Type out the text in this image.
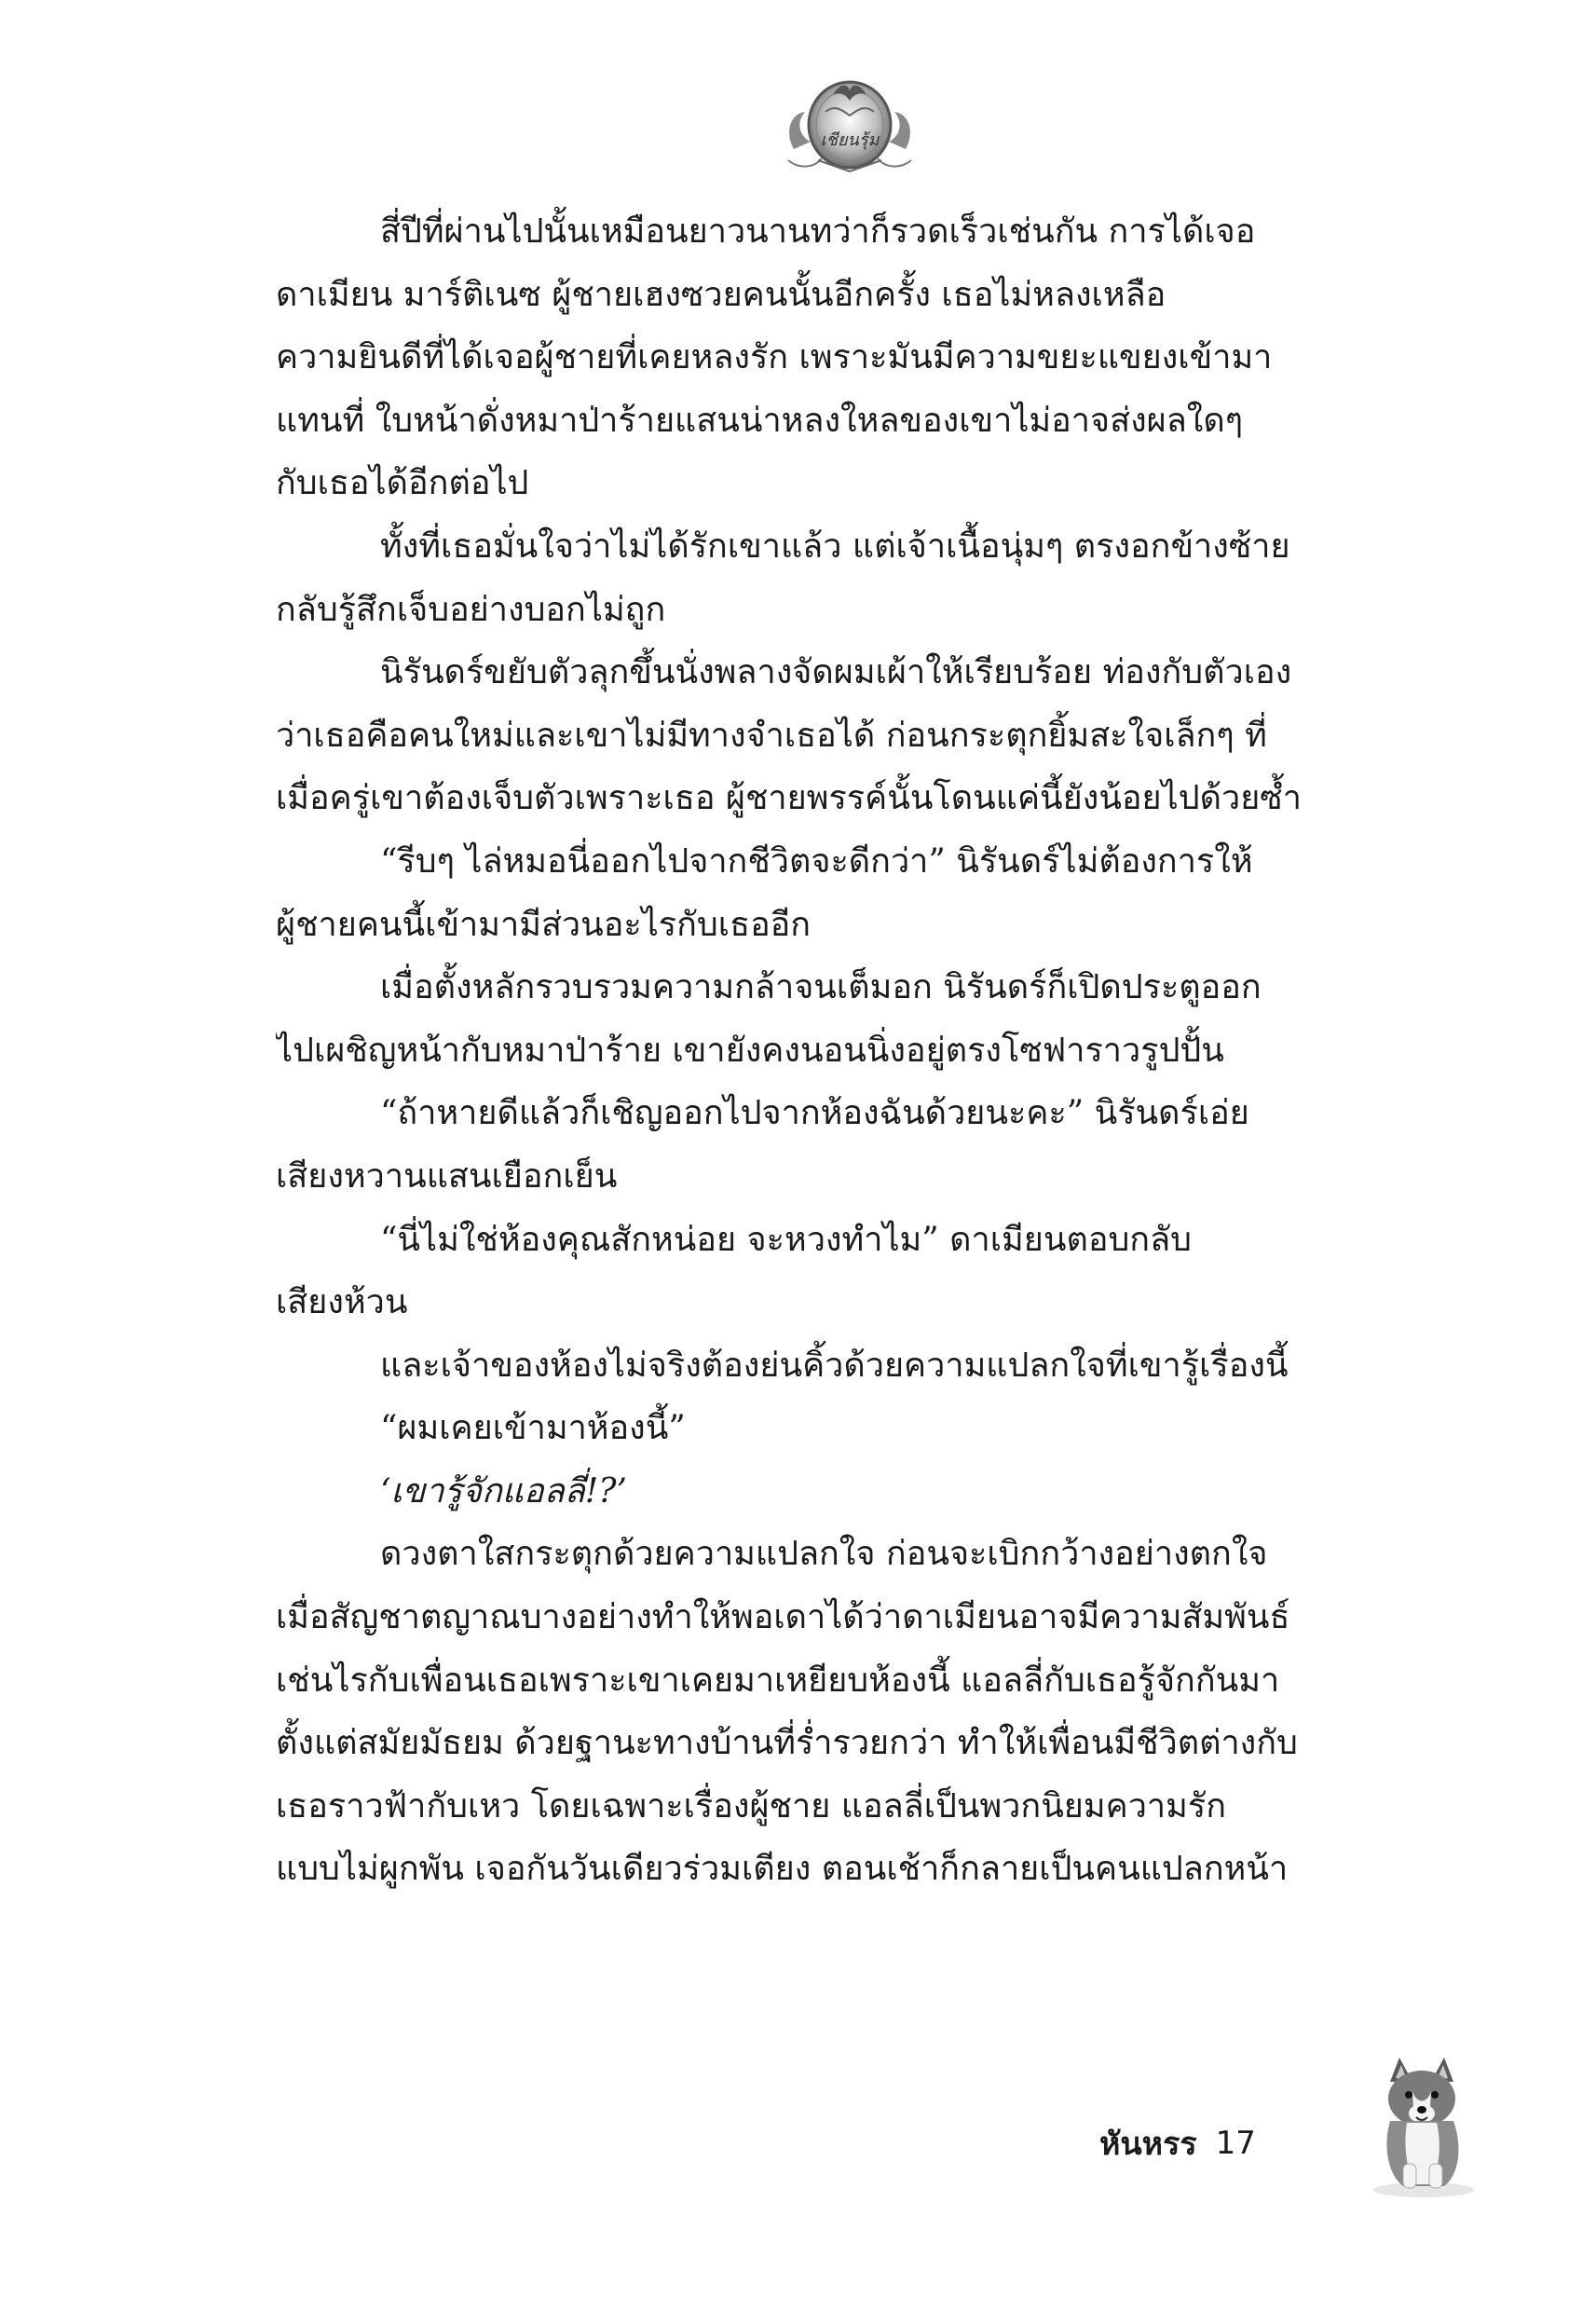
เชียนรุ้ม
สี่ปีที่ผ่านไปนั้นเหมือนยาวนานทว่าก็รวดเร็วเช่นกัน การได้เจอ
ดาเมียน มาร์ติเนซ ผู้ชายเฮงซวยคนนั้นอีกครั้ง เธอไม่หลงเหลือ
ความยินดีที่ได้เจอผู้ชายที่เคยหลงรัก เพราะมันมีความขยะแขยงเข้ามา
แทนที่ ใบหน้าดั่งหมาป่าร้ายแสนน่าหลงใหลของเขาไม่อาจส่งผลใดๆ
กับเธอได้อีกต่อไป
ทั้งที่เธอมั่นใจว่าไม่ได้รักเขาแล้ว แต่เจ้าเนื้อนุ่มๆ ตรงอกข้างซ้าย
กลับรู้สึกเจ็บอย่างบอกไม่ถูก
นิรันดร์ขยับตัวลุกขึ้นนั่งพลางจัดผมเผ้าให้เรียบร้อย ท่องกับตัวเอง
ว่าเธอคือคนใหม่และเขาไม่มีทางจำเธอได้ ก่อนกระตุกยิ้มสะใจเล็กๆ ที่
เมื่อครู่เขาต้องเจ็บตัวเพราะเธอ ผู้ชายพรรค์นั้นโดนแค่นี้ยังน้อยไปด้วยซ้ำ
“รีบๆ ไล่หมอนี่ออกไปจากชีวิตจะดีกว่า” นิรันดร์ไม่ต้องการให้
ผู้ชายคนนี้เข้ามามีส่วนอะไรกับเธออีก
เมื่อตั้งหลักรวบรวมความกล้าจนเต็มอก นิรันดร์ก็เปิดประตูออก
ไปเผชิญหน้ากับหมาป่าร้าย เขายังคงนอนนิ่งอยู่ตรงโซฟาราวรูปปั้น
“ถ้าหายดีแล้วก็เชิญออกไปจากห้องฉันด้วยนะคะ” นิรันดร์เอ่ย
เสียงหวานแสนเยือกเย็น
“นี่ไม่ใช่ห้องคุณสักหน่อย จะหวงทำไม” ดาเมียนตอบกลับ
เสียงห้วน
และเจ้าของห้องไม่จริงต้องย่นคิ้วด้วยความแปลกใจที่เขารู้เรื่องนี้
“ผมเคยเข้ามาห้องนี้”
‘เขารู้จักแอลลี่!?’
ดวงตาใสกระตุกด้วยความแปลกใจ ก่อนจะเบิกกว้างอย่างตกใจ
เมื่อสัญชาตญาณบางอย่างทำให้พอเดาได้ว่าดาเมียนอาจมีความสัมพันธ์
เช่นไรกับเพื่อนเธอเพราะเขาเคยมาเหยียบห้องนี้ แอลลี่กับเธอรู้จักกันมา
ตั้งแต่สมัยมัธยม ด้วยฐานะทางบ้านที่ร่ำรวยกว่า ทำให้เพื่อนมีชีวิตต่างกับ
เธอราวฟ้ากับเหว โดยเฉพาะเรื่องผู้ชาย แอลลี่เป็นพวกนิยมความรัก
แบบไม่ผูกพัน เจอกันวันเดียวร่วมเตียง ตอนเช้าก็กลายเป็นคนแปลกหน้า
หันหรร 17
